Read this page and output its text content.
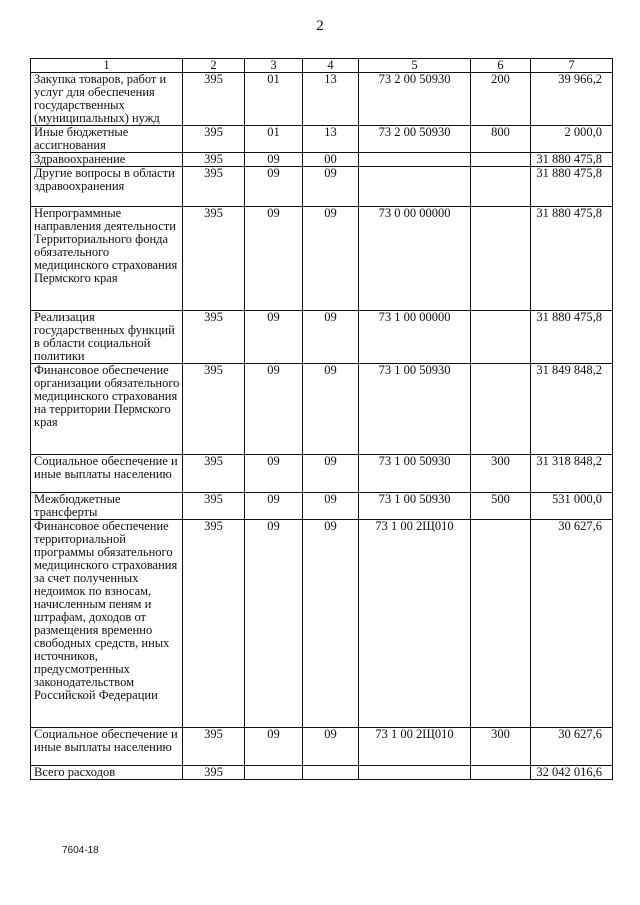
2
1	2	3	4	5	6	7
Закупка товаров, работ и услуг для обеспечения государственных (муниципальных) нужд	395	01	13	73 2 00 50930	200	39 966,2
Иные бюджетные ассигнования	395	01	13	73 2 00 50930	800	2 000,0
Здравоохранение	395	09	00			31 880 475,8
Другие вопросы в области здравоохранения	395	09	09			31 880 475,8
Непрограммные направления деятельности Территориального фонда обязательного медицинского страхования Пермского края	395	09	09	73 0 00 00000		31 880 475,8
Реализация государственных функций в области социальной политики	395	09	09	73 1 00 00000		31 880 475,8
Финансовое обеспечение организации обязательного медицинского страхования на территории Пермского края	395	09	09	73 1 00 50930		31 849 848,2
Социальное обеспечение и иные выплаты населению	395	09	09	73 1 00 50930	300	31 318 848,2
Межбюджетные трансферты	395	09	09	73 1 00 50930	500	531 000,0
Финансовое обеспечение территориальной программы обязательного медицинского страхования за счет полученных недоимок по взносам, начисленным пеням и штрафам, доходов от размещения временно свободных средств, иных источников, предусмотренных законодательством Российской Федерации	395	09	09	73 1 00 2Щ010		30 627,6
Социальное обеспечение и иные выплаты населению	395	09	09	73 1 00 2Щ010	300	30 627,6
Всего расходов	395					32 042 016,6
7604-18
